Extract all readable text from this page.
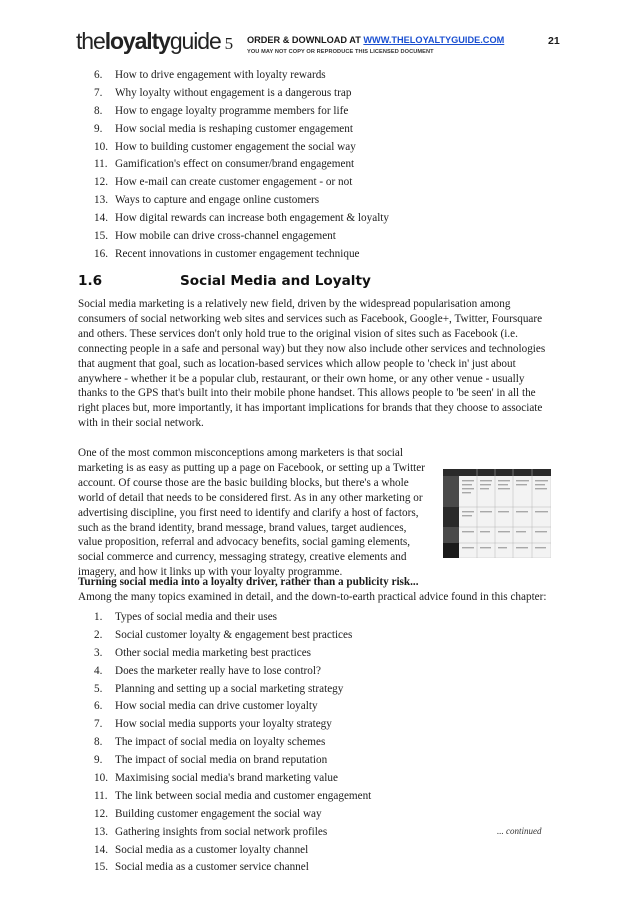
theloyaltyguide 5 ORDER & DOWNLOAD AT WWW.THELOYALTYGUIDE.COM
YOU MAY NOT COPY OR REPRODUCE THIS LICENSED DOCUMENT
21
6. How to drive engagement with loyalty rewards
7. Why loyalty without engagement is a dangerous trap
8. How to engage loyalty programme members for life
9. How social media is reshaping customer engagement
10. How to building customer engagement the social way
11. Gamification's effect on consumer/brand engagement
12. How e-mail can create customer engagement - or not
13. Ways to capture and engage online customers
14. How digital rewards can increase both engagement & loyalty
15. How mobile can drive cross-channel engagement
16. Recent innovations in customer engagement technique
1.6	Social Media and Loyalty

Social media marketing is a relatively new field, driven by the widespread popularisation among consumers of social networking web sites and services such as Facebook, Google+, Twitter, Foursquare and others. These services don't only hold true to the original vision of sites such as Facebook (i.e. connecting people in a safe and personal way) but they now also include other services and technologies that augment that goal, such as location-based services which allow people to 'check in' just about anywhere - whether it be a popular club, restaurant, or their own home, or any other venue - usually thanks to the GPS that's built into their mobile phone handset. This allows people to 'be seen' in all the right places but, more importantly, it has important implications for brands that they choose to associate with in their social network.

One of the most common misconceptions among marketers is that social marketing is as easy as putting up a page on Facebook, or setting up a Twitter account. Of course those are the basic building blocks, but there's a whole world of detail that needs to be considered first. As in any other marketing or advertising discipline, you first need to identify and clarify a host of factors, such as the brand identity, brand message, brand values, target audiences, value proposition, referral and advocacy benefits, social gaming elements, social commerce and currency, messaging strategy, creative elements and imagery, and how it links up with your loyalty programme.

Turning social media into a loyalty driver, rather than a publicity risk...

Among the many topics examined in detail, and the down-to-earth practical advice found in this chapter:

1. Types of social media and their uses
2. Social customer loyalty & engagement best practices
3. Other social media marketing best practices
4. Does the marketer really have to lose control?
5. Planning and setting up a social marketing strategy
6. How social media can drive customer loyalty
7. How social media supports your loyalty strategy
8. The impact of social media on loyalty schemes
9. The impact of social media on brand reputation
10. Maximising social media's brand marketing value
11. The link between social media and customer engagement
12. Building customer engagement the social way
13. Gathering insights from social network profiles
14. Social media as a customer loyalty channel
15. Social media as a customer service channel
... continued
